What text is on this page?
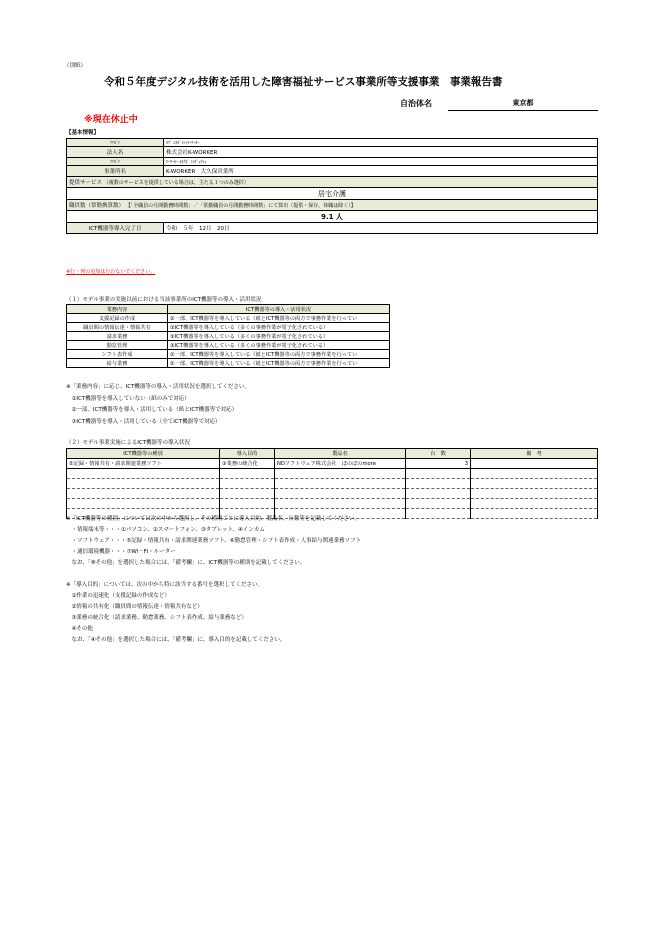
（別紙）
令和５年度デジタル技術を活用した障害福祉サービス事業所等支援事業　事業報告書
自治体名	東京都
※現在休止中
【基本情報】
ﾌﾘｶﾞﾅ	ｶﾌﾞ ｼｷｶﾞｲｼｬｹｰﾜｰｶｰ
法人名	株式会社K-WORKER
ﾌﾘｶﾞﾅ	ｹｰﾜｰｶｰ ｵｵｸﾎﾞ ｴｲｷﾞｮｳｼｮ
事業所名	K-WORKER　大久保営業所
提供サービス （複数のサービスを提供している場合は、主たる１つのみ選択）	
居宅介護	
職員数（常勤換算数） 【「全職員の月間勤務時間数」／「常勤職員の月間勤務時間数」にて算出（提供・保存、休職は除く）】	
9.1 人	
ICT機器等導入完了日	令和　５年　12月　20日
※行・列の追加は行わないでください。
（１）モデル事業の実施以前における当該事業所のICT機器等の導入・活用状況
業務内容	ICT機器等の導入・活用状況
支援記録の作成	②一部、ICT機器等を導入している（紙とICT機器等の両方で事務作業を行ってい
職員間の情報伝達・情報共有	③ICT機器等を導入している（多くの事務作業が電子化されている）
請求業務	③ICT機器等を導入している（多くの事務作業が電子化されている）
勤怠管理	③ICT機器等を導入している（多くの事務作業が電子化されている）
シフト表作成	②一部、ICT機器等を導入している（紙とICT機器等の両方で事務作業を行ってい
給与業務	②一部、ICT機器等を導入している（紙とICT機器等の両方で事務作業を行ってい
※「業務内容」に応じ、ICT機器等の導入・活用状況を選択してください。
　①ICT機器等を導入していない（紙のみで対応）
　②一部、ICT機器等を導入・活用している（紙とICT機器等で対応）
　③ICT機器等を導入・活用している（全てICT機器等で対応）
（２）モデル事業実施によるICT機器等の導入状況
ICT機器等の種別	導入目的	製品名	台　数	備　考
⑤記録・情報共有・請求関連業務ソフト	③業務の統合化	NDソフトウェア株式会社　ほのぼのmore	3	

※「ICT機器等の種別」については次の中から選択し、その種別ごとに導入目的、製品名、台数等を記載してください。
　・情報端末等・・・①パソコン、②スマートフォン、③タブレット、④インカム
　・ソフトウェア・・・⑤記録・情報共有・請求関連業務ソフト、⑥勤怠管理・シフト表作成・人事給与関連業務ソフト
　・通信環境機器・・・⑦Wi－Fi・ルーター
　なお、「⑧その他」を選択した場合には、「備考欄」に、ICT機器等の種別を記載してください。
※「導入目的」については、次の中から特に該当する番号を選択してください。
　①作業の迅速化（支援記録の作成など）
　②情報の共有化（職員間の情報伝達・情報共有など）
　③業務の統合化（請求業務、勤怠業務、シフト表作成、給与業務など）
　④その他
　なお、「④その他」を選択した場合には、「備考欄」に、導入目的を記載してください。
